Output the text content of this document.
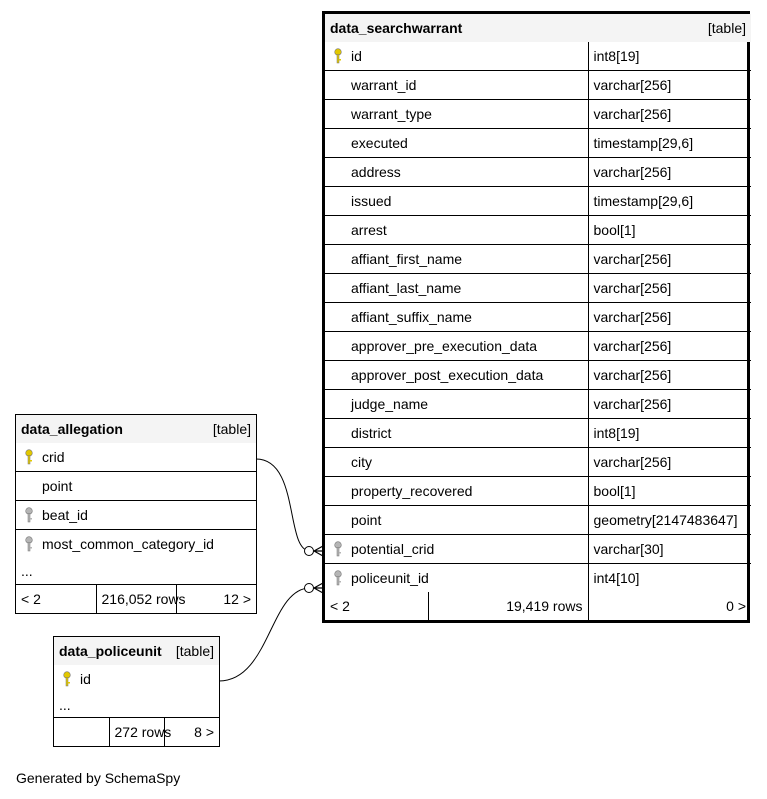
data_searchwarrant	[table]

id	int8[19]
warrant_id	varchar[256]
warrant_type	varchar[256]
executed	timestamp[29,6]
address	varchar[256]
issued	timestamp[29,6]
arrest	bool[1]
affiant_first_name	varchar[256]
affiant_last_name	varchar[256]
affiant_suffix_name	varchar[256]
approver_pre_execution_data	varchar[256]
approver_post_execution_data	varchar[256]
judge_name	varchar[256]
district	int8[19]
city	varchar[256]
property_recovered	bool[1]
point	geometry[2147483647]

potential_crid	varchar[30]

policeunit_id	int4[10]

< 2	19,419 rows	0 >
data_allegation	[table]

crid
point

beat_id

most_common_category_id
...
< 2	216,052 rows	12 >
data_policeunit [table]

id
...
	272 rows	8 >
Generated by SchemaSpy
